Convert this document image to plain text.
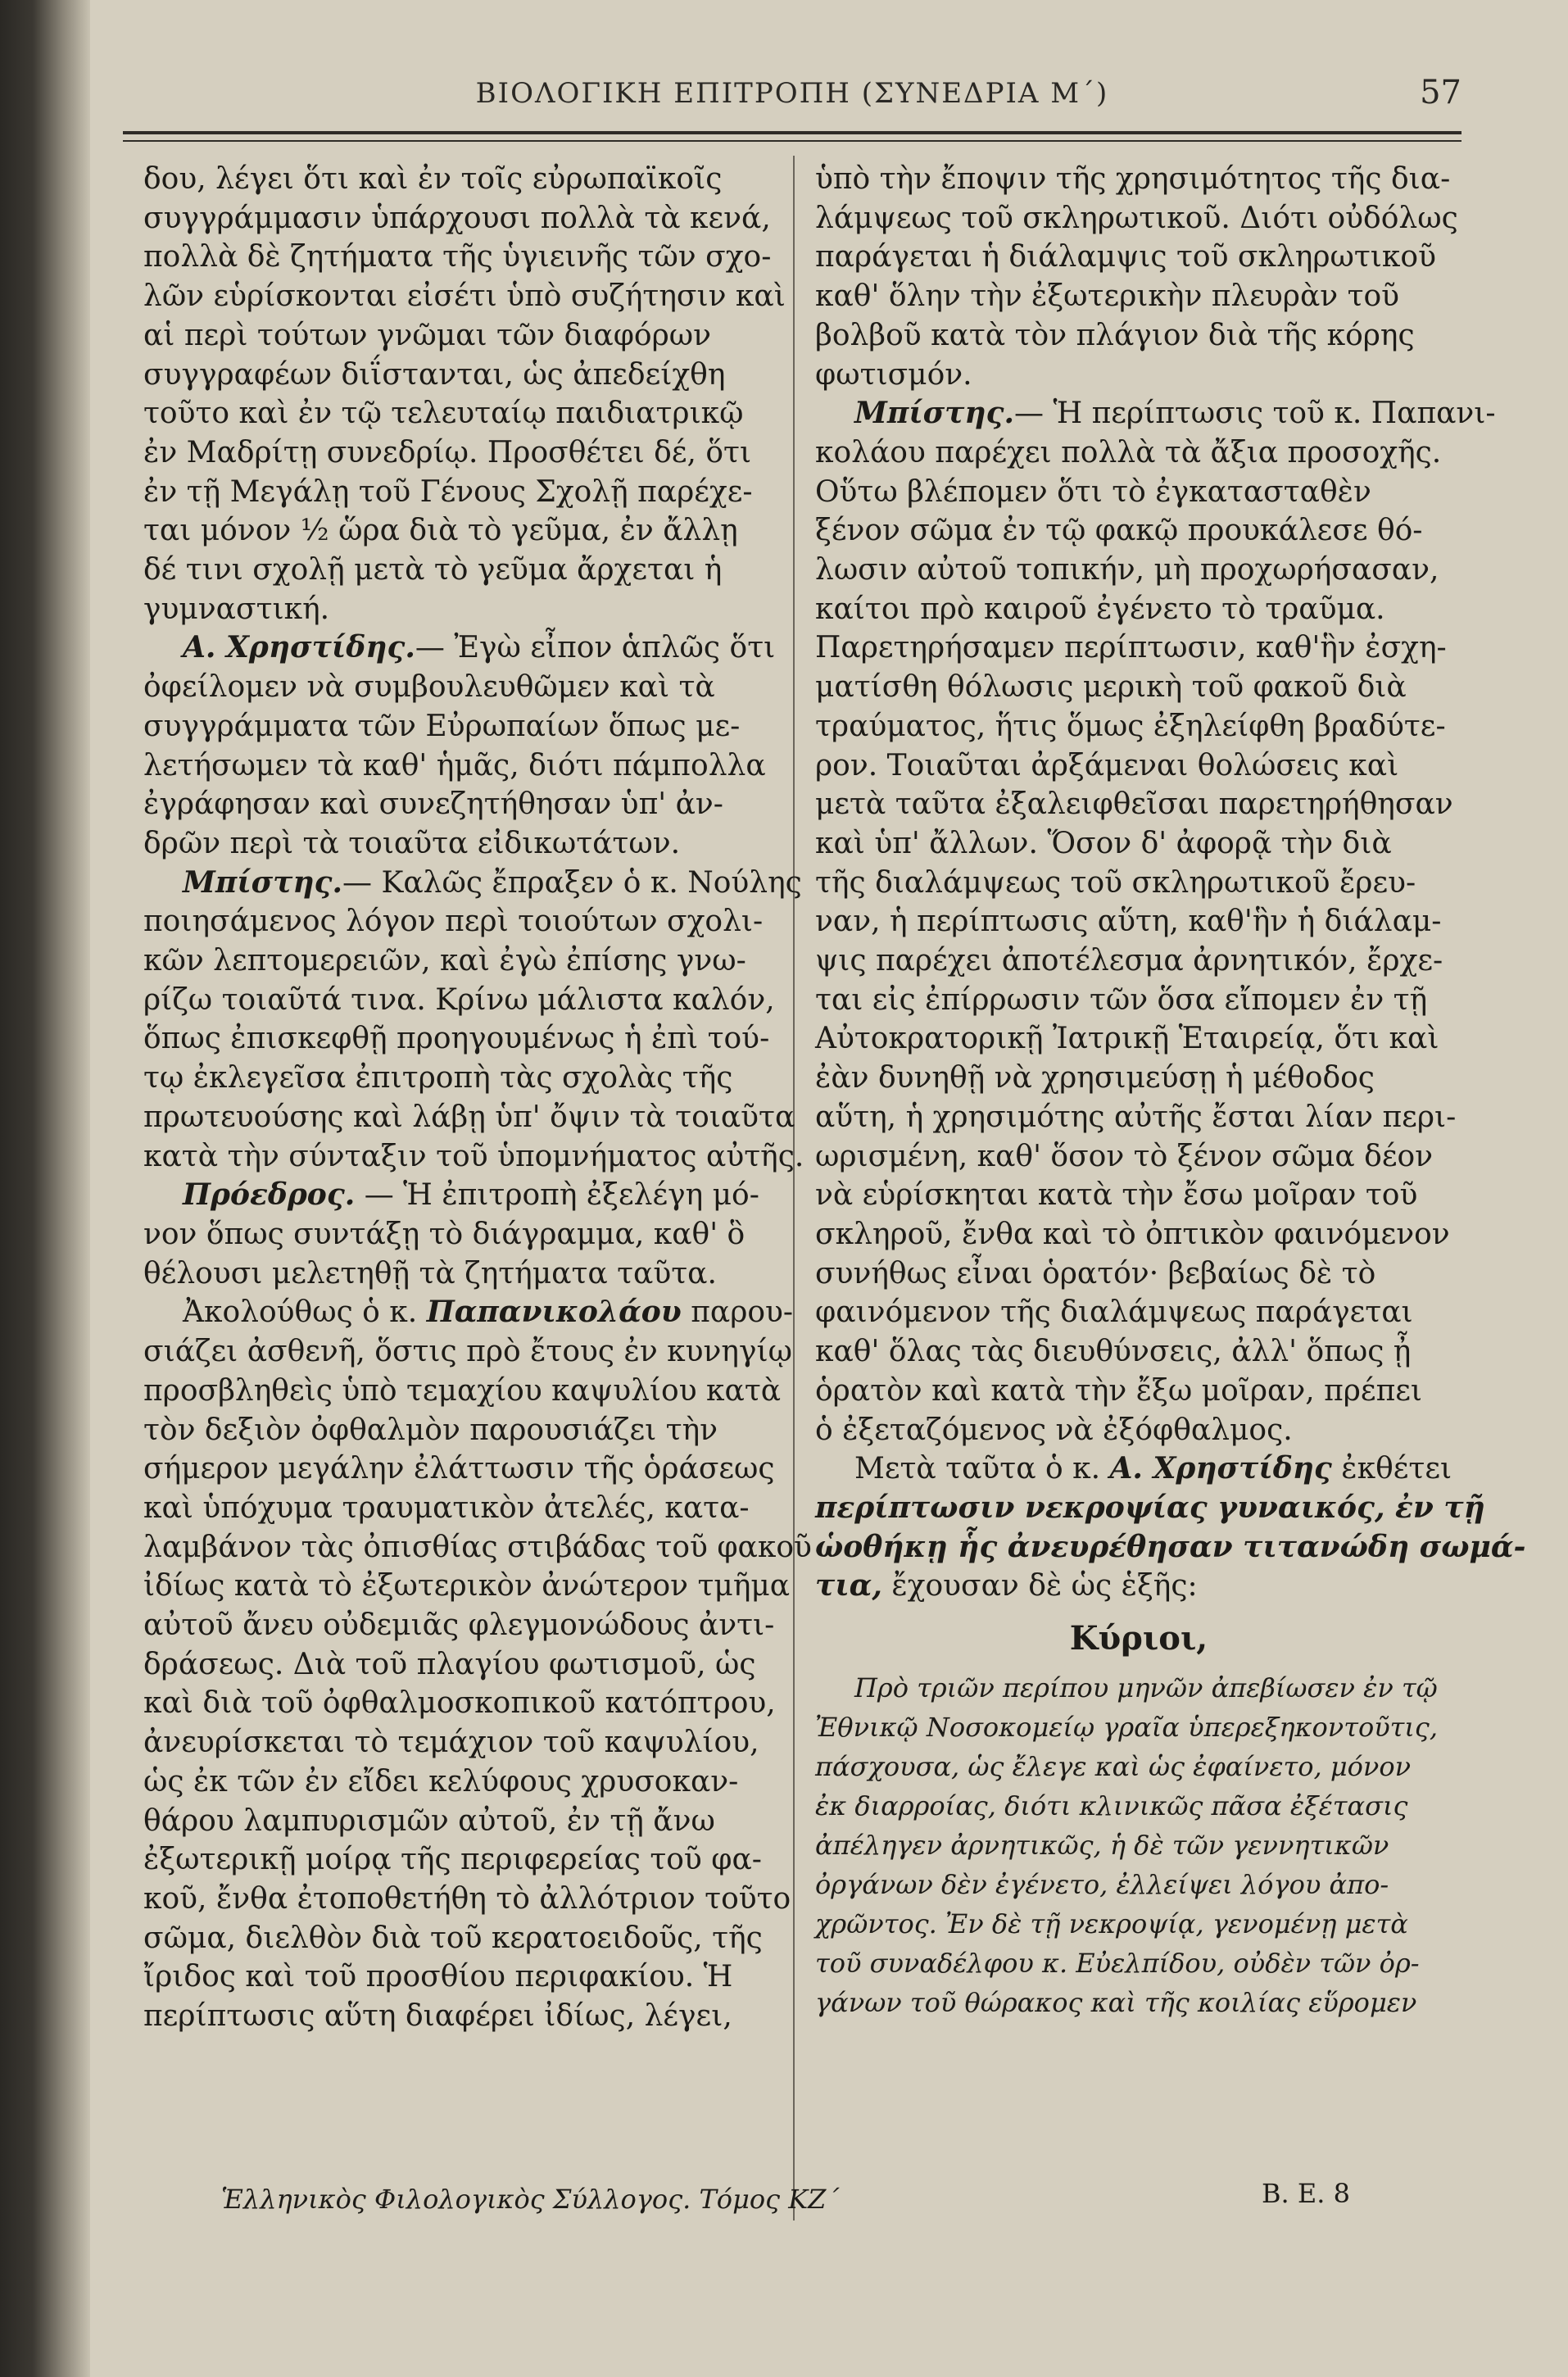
ΒΙΟΛΟΓΙΚΗ ΕΠΙΤΡΟΠΗ (ΣΥΝΕΔΡΙΑ Μ΄)	57

δου, λέγει ὅτι καὶ ἐν τοῖς εὐρωπαϊκοῖς
συγγράμμασιν ὑπάρχουσι πολλὰ τὰ κενά,
πολλὰ δὲ ζητήματα τῆς ὑγιεινῆς τῶν σχο-
λῶν εὑρίσκονται εἰσέτι ὑπὸ συζήτησιν καὶ
αἱ περὶ τούτων γνῶμαι τῶν διαφόρων
συγγραφέων διΐστανται, ὡς ἀπεδείχθη
τοῦτο καὶ ἐν τῷ τελευταίῳ παιδιατρικῷ
ἐν Μαδρίτῃ συνεδρίῳ. Προσθέτει δέ, ὅτι
ἐν τῇ Μεγάλῃ τοῦ Γένους Σχολῇ παρέχε-
ται μόνον ½ ὥρα διὰ τὸ γεῦμα, ἐν ἄλλῃ
δέ τινι σχολῇ μετὰ τὸ γεῦμα ἄρχεται ἡ
γυμναστική.

Α. Χρηστίδης.— Ἐγὼ εἶπον ἁπλῶς ὅτι
ὀφείλομεν νὰ συμβουλευθῶμεν καὶ τὰ
συγγράμματα τῶν Εὐρωπαίων ὅπως με-
λετήσωμεν τὰ καθ' ἡμᾶς, διότι πάμπολλα
ἐγράφησαν καὶ συνεζητήθησαν ὑπ' ἀν-
δρῶν περὶ τὰ τοιαῦτα εἰδικωτάτων.

Μπίστης.— Καλῶς ἔπραξεν ὁ κ. Νούλης
ποιησάμενος λόγον περὶ τοιούτων σχολι-
κῶν λεπτομερειῶν, καὶ ἐγὼ ἐπίσης γνω-
ρίζω τοιαῦτά τινα. Κρίνω μάλιστα καλόν,
ὅπως ἐπισκεφθῇ προηγουμένως ἡ ἐπὶ τού-
τῳ ἐκλεγεῖσα ἐπιτροπὴ τὰς σχολὰς τῆς
πρωτευούσης καὶ λάβῃ ὑπ' ὄψιν τὰ τοιαῦτα
κατὰ τὴν σύνταξιν τοῦ ὑπομνήματος αὐτῆς.

Πρόεδρος. — Ἡ ἐπιτροπὴ ἐξελέγη μό-
νον ὅπως συντάξῃ τὸ διάγραμμα, καθ' ὃ
θέλουσι μελετηθῇ τὰ ζητήματα ταῦτα.

Ἀκολούθως ὁ κ. Παπανικολάου παρου-
σιάζει ἀσθενῆ, ὅστις πρὸ ἔτους ἐν κυνηγίῳ
προσβληθεὶς ὑπὸ τεμαχίου καψυλίου κατὰ
τὸν δεξιὸν ὀφθαλμὸν παρουσιάζει τὴν
σήμερον μεγάλην ἐλάττωσιν τῆς ὁράσεως
καὶ ὑπόχυμα τραυματικὸν ἀτελές, κατα-
λαμβάνον τὰς ὀπισθίας στιβάδας τοῦ φακοῦ
ἰδίως κατὰ τὸ ἐξωτερικὸν ἀνώτερον τμῆμα
αὐτοῦ ἄνευ οὐδεμιᾶς φλεγμονώδους ἀντι-
δράσεως. Διὰ τοῦ πλαγίου φωτισμοῦ, ὡς
καὶ διὰ τοῦ ὀφθαλμοσκοπικοῦ κατόπτρου,
ἀνευρίσκεται τὸ τεμάχιον τοῦ καψυλίου,
ὡς ἐκ τῶν ἐν εἴδει κελύφους χρυσοκαν-
θάρου λαμπυρισμῶν αὐτοῦ, ἐν τῇ ἄνω
ἐξωτερικῇ μοίρᾳ τῆς περιφερείας τοῦ φα-
κοῦ, ἔνθα ἐτοποθετήθη τὸ ἀλλότριον τοῦτο
σῶμα, διελθὸν διὰ τοῦ κερατοειδοῦς, τῆς
ἴριδος καὶ τοῦ προσθίου περιφακίου. Ἡ
περίπτωσις αὕτη διαφέρει ἰδίως, λέγει,

ὑπὸ τὴν ἔποψιν τῆς χρησιμότητος τῆς δια-
λάμψεως τοῦ σκληρωτικοῦ. Διότι οὐδόλως
παράγεται ἡ διάλαμψις τοῦ σκληρωτικοῦ
καθ' ὅλην τὴν ἐξωτερικὴν πλευρὰν τοῦ
βολβοῦ κατὰ τὸν πλάγιον διὰ τῆς κόρης
φωτισμόν.

Μπίστης.— Ἡ περίπτωσις τοῦ κ. Παπανι-
κολάου παρέχει πολλὰ τὰ ἄξια προσοχῆς.
Οὕτω βλέπομεν ὅτι τὸ ἐγκατασταθὲν
ξένον σῶμα ἐν τῷ φακῷ προυκάλεσε θό-
λωσιν αὐτοῦ τοπικήν, μὴ προχωρήσασαν,
καίτοι πρὸ καιροῦ ἐγένετο τὸ τραῦμα.
Παρετηρήσαμεν περίπτωσιν, καθ'ἣν ἐσχη-
ματίσθη θόλωσις μερικὴ τοῦ φακοῦ διὰ
τραύματος, ἥτις ὅμως ἐξηλείφθη βραδύτε-
ρον. Τοιαῦται ἀρξάμεναι θολώσεις καὶ
μετὰ ταῦτα ἐξαλειφθεῖσαι παρετηρήθησαν
καὶ ὑπ' ἄλλων. Ὅσον δ' ἀφορᾷ τὴν διὰ
τῆς διαλάμψεως τοῦ σκληρωτικοῦ ἔρευ-
ναν, ἡ περίπτωσις αὕτη, καθ'ἣν ἡ διάλαμ-
ψις παρέχει ἀποτέλεσμα ἀρνητικόν, ἔρχε-
ται εἰς ἐπίρρωσιν τῶν ὅσα εἴπομεν ἐν τῇ
Αὐτοκρατορικῇ Ἰατρικῇ Ἑταιρείᾳ, ὅτι καὶ
ἐὰν δυνηθῇ νὰ χρησιμεύσῃ ἡ μέθοδος
αὕτη, ἡ χρησιμότης αὐτῆς ἔσται λίαν περι-
ωρισμένη, καθ' ὅσον τὸ ξένον σῶμα δέον
νὰ εὑρίσκηται κατὰ τὴν ἔσω μοῖραν τοῦ
σκληροῦ, ἔνθα καὶ τὸ ὀπτικὸν φαινόμενον
συνήθως εἶναι ὁρατόν· βεβαίως δὲ τὸ
φαινόμενον τῆς διαλάμψεως παράγεται
καθ' ὅλας τὰς διευθύνσεις, ἀλλ' ὅπως ᾖ
ὁρατὸν καὶ κατὰ τὴν ἔξω μοῖραν, πρέπει
ὁ ἐξεταζόμενος νὰ ἐξόφθαλμος.

Μετὰ ταῦτα ὁ κ. Α. Χρηστίδης ἐκθέτει
περίπτωσιν νεκροψίας γυναικός, ἐν τῇ
ὡοθήκῃ ἧς ἀνευρέθησαν τιτανώδη σωμά-
τια, ἔχουσαν δὲ ὡς ἑξῆς:

Κύριοι,

Πρὸ τριῶν περίπου μηνῶν ἀπεβίωσεν ἐν τῷ
Ἐθνικῷ Νοσοκομείῳ γραῖα ὑπερεξηκοντοῦτις,
πάσχουσα, ὡς ἔλεγε καὶ ὡς ἐφαίνετο, μόνον
ἐκ διαρροίας, διότι κλινικῶς πᾶσα ἐξέτασις
ἀπέληγεν ἀρνητικῶς, ἡ δὲ τῶν γεννητικῶν
ὀργάνων δὲν ἐγένετο, ἐλλείψει λόγου ἀπο-
χρῶντος. Ἐν δὲ τῇ νεκροψίᾳ, γενομένῃ μετὰ
τοῦ συναδέλφου κ. Εὐελπίδου, οὐδὲν τῶν ὀρ-
γάνων τοῦ θώρακος καὶ τῆς κοιλίας εὕρομεν

Ἑλληνικὸς Φιλολογικὸς Σύλλογος. Τόμος ΚΖ΄	Β. Ε. 8
